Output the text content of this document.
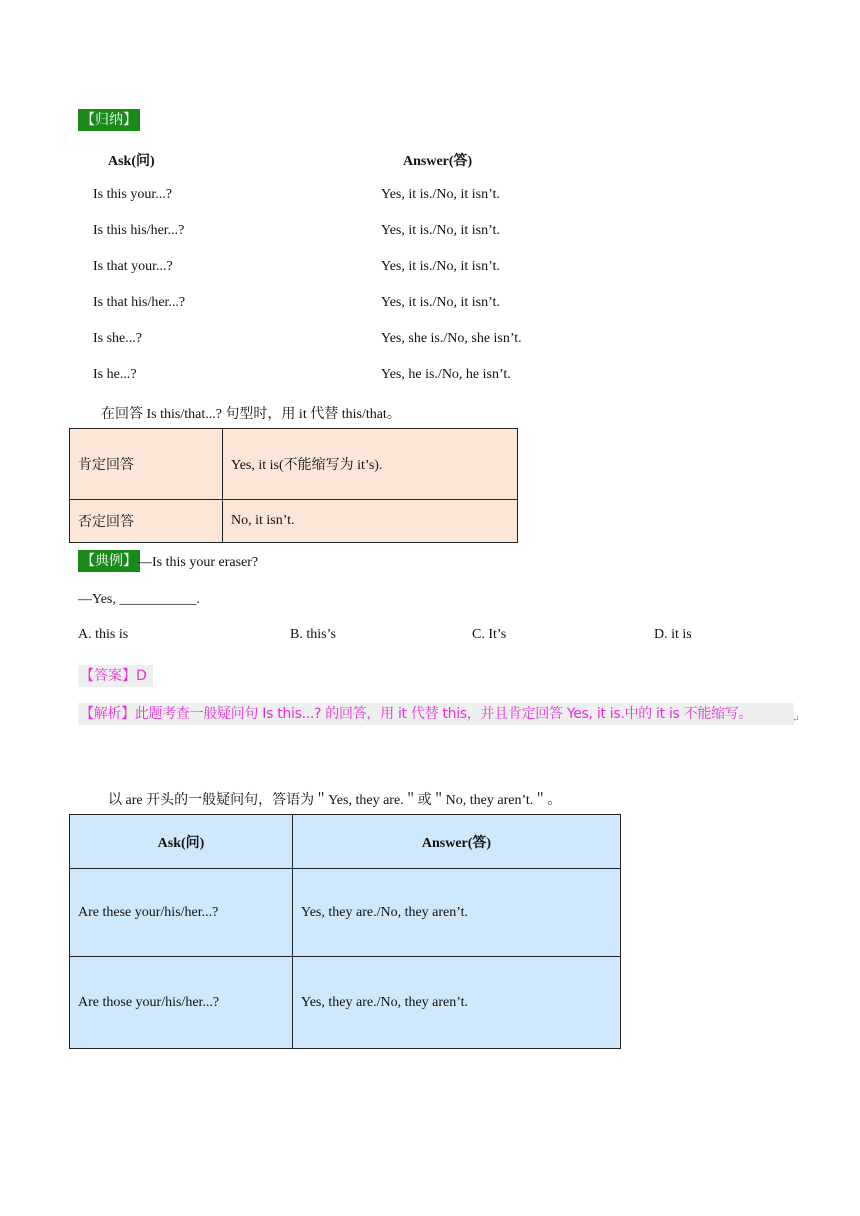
【归纳】
Ask(问)	Answer(答)
Is this your...?	Yes, it is./No, it isn’t.
Is this his/her...?	Yes, it is./No, it isn’t.
Is that your...?	Yes, it is./No, it isn’t.
Is that his/her...?	Yes, it is./No, it isn’t.
Is she...?	Yes, she is./No, she isn’t.
Is he...?	Yes, he is./No, he isn’t.
在回答 Is this/that...? 句型时，用 it 代替 this/that。
肯定回答	Yes, it is(不能缩写为 it’s).
否定回答	No, it isn’t.
【典例】 —Is this your eraser?
—Yes, ___________.
A. this is	B. this’s	C. It’s	D. it is
【答案】D
【解析】此题考查一般疑问句 Is this...? 的回答，用 it 代替 this，并且肯定回答 Yes, it is.中的 it is 不能缩写。	↵
以 are 开头的一般疑问句，答语为＂Yes, they are.＂或＂No, they aren’t.＂。
Ask(问)	Answer(答)
Are these your/his/her...?	Yes, they are./No, they aren’t.
Are those your/his/her...?	Yes, they are./No, they aren’t.
